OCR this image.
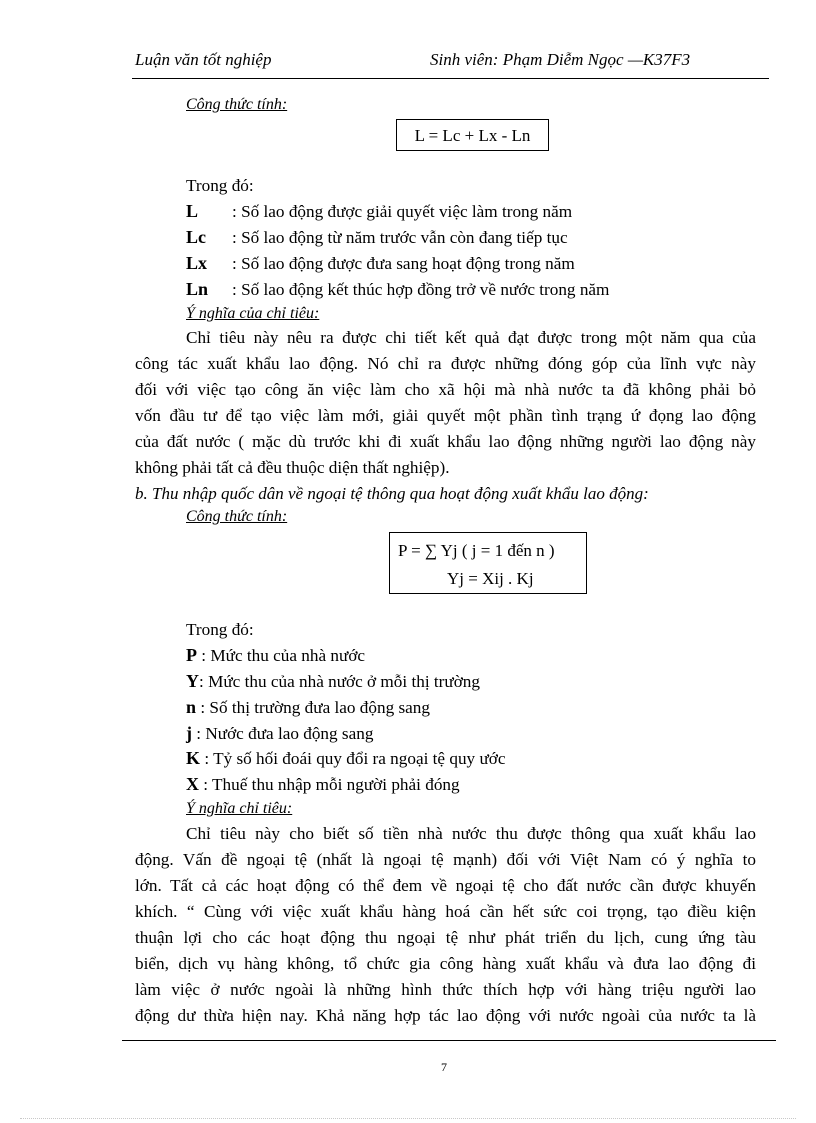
Luận văn tốt nghiệp	Sinh viên: Phạm Diễm Ngọc —K37F3
Công thức tính:
L = Lc + Lx - Ln
Trong đó:
L : Số lao động được giải quyết việc làm trong năm
Lc : Số lao động từ năm trước vẫn còn đang tiếp tục
Lx : Số lao động được đưa sang hoạt động trong năm
Ln : Số lao động kết thúc hợp đồng trở về nước trong năm
Ý nghĩa của chỉ tiêu:
Chỉ tiêu này nêu ra được chi tiết kết quả đạt được trong một năm qua của
công tác xuất khẩu lao động. Nó chỉ ra được những đóng góp của lĩnh vực này
đối với việc tạo công ăn việc làm cho xã hội mà nhà nước ta đã không phải bỏ
vốn đầu tư để tạo việc làm mới, giải quyết một phần tình trạng ứ đọng lao động
của đất nước ( mặc dù trước khi đi xuất khẩu lao động những người lao động này
không phải tất cả đều thuộc diện thất nghiệp).
b. Thu nhập quốc dân về ngoại tệ thông qua hoạt động xuất khẩu lao động:
Công thức tính:
P = ∑ Yj ( j = 1 đến n )
Yj = Xij . Kj
Trong đó:
P : Mức thu của nhà nước
Y: Mức thu của nhà nước ở mỗi thị trường
n : Số thị trường đưa lao động sang
j : Nước đưa lao động sang
K : Tỷ số hối đoái quy đổi ra ngoại tệ quy ước
X : Thuế thu nhập mỗi người phải đóng
Ý nghĩa chỉ tiêu:
Chỉ tiêu này cho biết số tiền nhà nước thu được thông qua xuất khẩu lao
động. Vấn đề ngoại tệ (nhất là ngoại tệ mạnh) đối với Việt Nam có ý nghĩa to
lớn. Tất cả các hoạt động có thể đem về ngoại tệ cho đất nước cần được khuyến
khích. “ Cùng với việc xuất khẩu hàng hoá cần hết sức coi trọng, tạo điều kiện
thuận lợi cho các hoạt động thu ngoại tệ như phát triển du lịch, cung ứng tàu
biển, dịch vụ hàng không, tổ chức gia công hàng xuất khẩu và đưa lao động đi
làm việc ở nước ngoài là những hình thức thích hợp với hàng triệu người lao
động dư thừa hiện nay. Khả năng hợp tác lao động với nước ngoài của nước ta là
7
